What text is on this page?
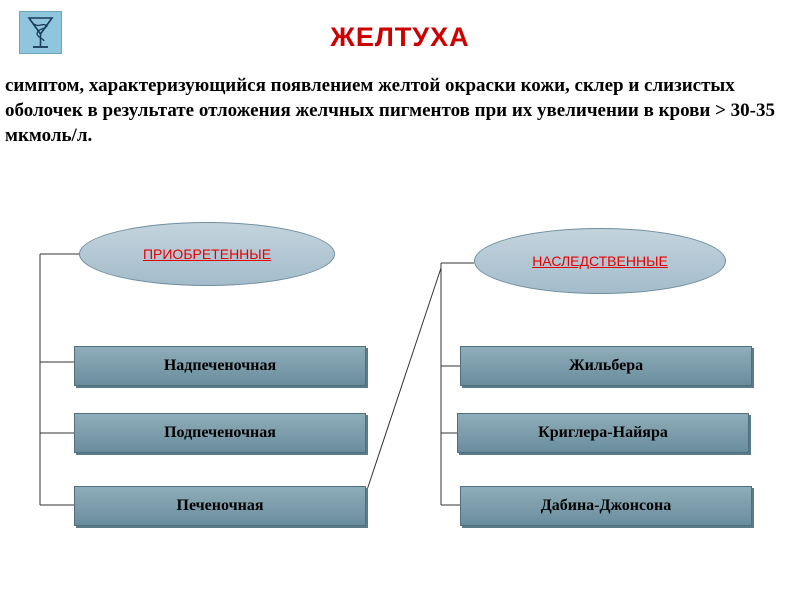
ЖЕЛТУХА
симптом, характеризующийся появлением желтой окраски кожи, склер и слизистых оболочек в результате отложения желчных пигментов при их увеличении в крови > 30-35 мкмоль/л.
ПРИОБРЕТЕННЫЕ	НАСЛЕДСТВЕННЫЕ
Надпеченочная
Подпеченочная
Печеночная
Жильбера
Криглера-Найяра
Дабина-Джонсона
